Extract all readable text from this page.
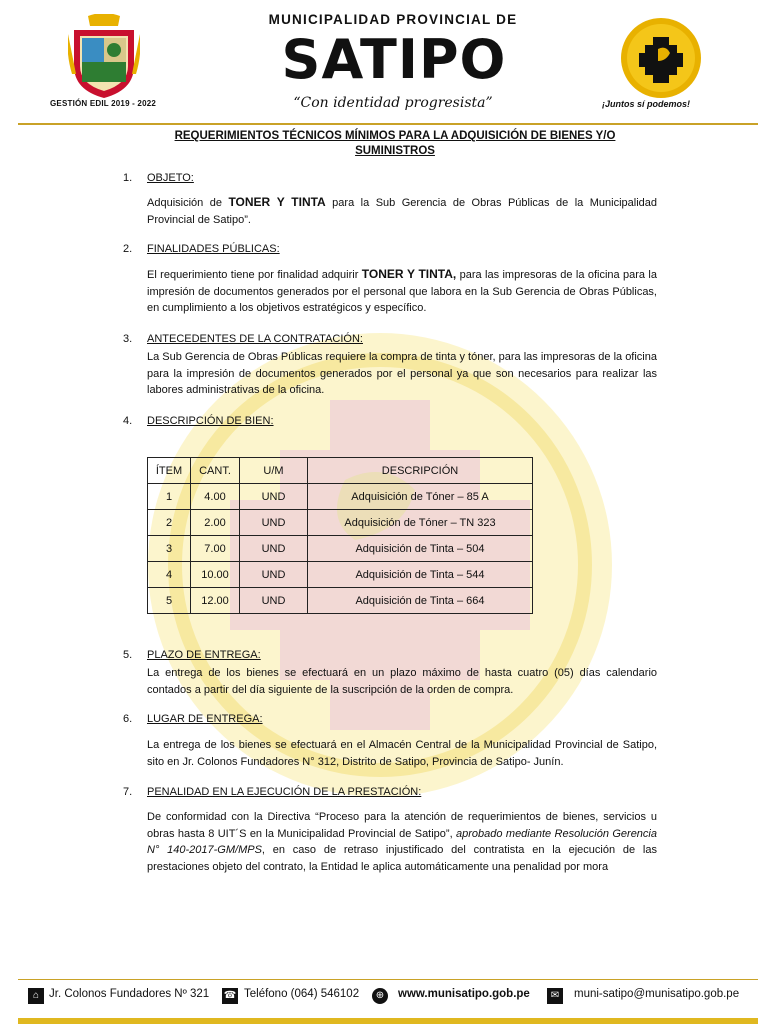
GESTIÓN EDIL 2019 - 2022
MUNICIPALIDAD PROVINCIAL DE
SATIPO
“Con identidad progresista”	¡Juntos sí podemos!
REQUERIMIENTOS TÉCNICOS MÍNIMOS PARA LA ADQUISICIÓN DE BIENES Y/O
SUMINISTROS
1. OBJETO:
Adquisición de TONER Y TINTA para la Sub Gerencia de Obras Públicas de la Municipalidad Provincial de Satipo”.
2. FINALIDADES PÚBLICAS:
El requerimiento tiene por finalidad adquirir TONER Y TINTA, para las impresoras de la oficina para la impresión de documentos generados por el personal que labora en la Sub Gerencia de Obras Públicas, en cumplimiento a los objetivos estratégicos y específico.
3. ANTECEDENTES DE LA CONTRATACIÓN:
La Sub Gerencia de Obras Públicas requiere la compra de tinta y tóner, para las impresoras de la oficina para la impresión de documentos generados por el personal ya que son necesarios para realizar las labores administrativas de la oficina.
4. DESCRIPCIÓN DE BIEN:
ÍTEM	CANT.	U/M	DESCRIPCIÓN
1	4.00	UND	Adquisición de Tóner – 85 A
2	2.00	UND	Adquisición de Tóner – TN 323
3	7.00	UND	Adquisición de Tinta – 504
4	10.00	UND	Adquisición de Tinta – 544
5	12.00	UND	Adquisición de Tinta – 664
5. PLAZO DE ENTREGA:
La entrega de los bienes se efectuará en un plazo máximo de hasta cuatro (05) días calendario contados a partir del día siguiente de la suscripción de la orden de compra.
6. LUGAR DE ENTREGA:
La entrega de los bienes se efectuará en el Almacén Central de la Municipalidad Provincial de Satipo, sito en Jr. Colonos Fundadores N° 312, Distrito de Satipo, Provincia de Satipo- Junín.
7. PENALIDAD EN LA EJECUCIÓN DE LA PRESTACIÓN:
De conformidad con la Directiva “Proceso para la atención de requerimientos de bienes, servicios u obras hasta 8 UIT´S en la Municipalidad Provincial de Satipo”, aprobado mediante Resolución Gerencia N° 140-2017-GM/MPS, en caso de retraso injustificado del contratista en la ejecución de las prestaciones objeto del contrato, la Entidad le aplica automáticamente una penalidad por mora
⌂ Jr. Colonos Fundadores Nº 321 ☎ Teléfono (064) 546102	⊕	www.munisatipo.gob.pe	✉	muni-satipo@munisatipo.gob.pe
